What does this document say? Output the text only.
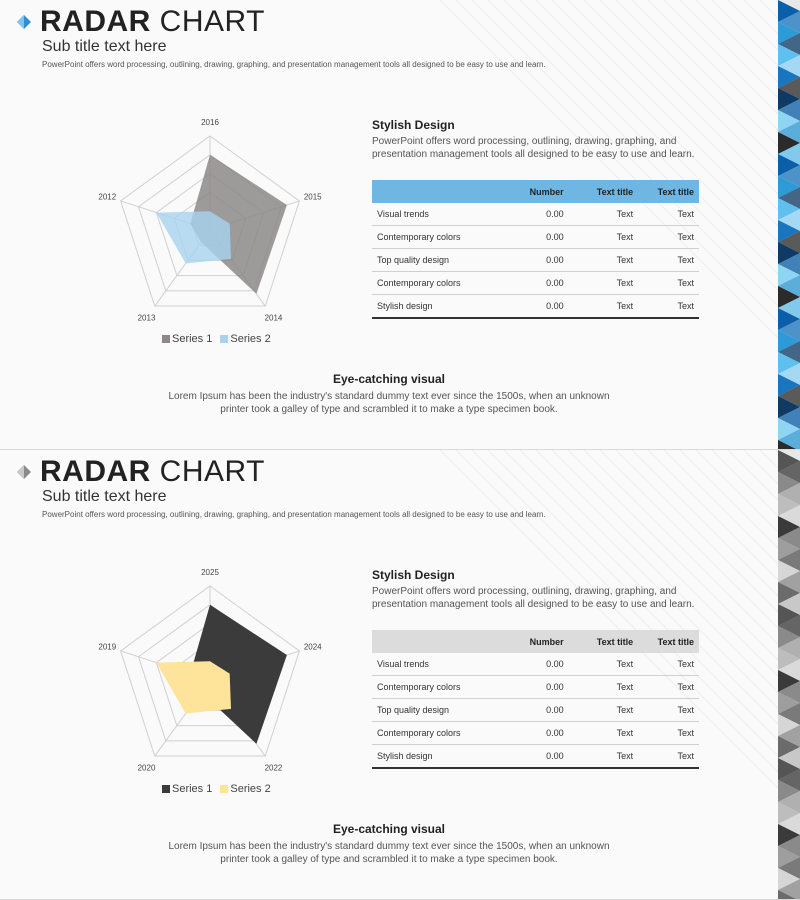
RADAR CHART
Sub title text here
PowerPoint offers word processing, outlining, drawing, graphing, and presentation management tools all designed to be easy to use and learn.
2016
2015
2014
2013
2012
Series 1 Series 2
Stylish Design
PowerPoint offers word processing, outlining, drawing, graphing, and presentation management tools all designed to be easy to use and learn.
	Number	Text title	Text title
Visual trends	0.00	Text	Text
Contemporary colors	0.00	Text	Text
Top quality design	0.00	Text	Text
Contemporary colors	0.00	Text	Text
Stylish design	0.00	Text	Text
Eye-catching visual
Lorem Ipsum has been the industry's standard dummy text ever since the 1500s, when an unknown printer took a galley of type and scrambled it to make a type specimen book.
RADAR CHART
Sub title text here
PowerPoint offers word processing, outlining, drawing, graphing, and presentation management tools all designed to be easy to use and learn.
2025
2024
2022
2020
2019
Series 1 Series 2
Stylish Design
PowerPoint offers word processing, outlining, drawing, graphing, and presentation management tools all designed to be easy to use and learn.
	Number	Text title	Text title
Visual trends	0.00	Text	Text
Contemporary colors	0.00	Text	Text
Top quality design	0.00	Text	Text
Contemporary colors	0.00	Text	Text
Stylish design	0.00	Text	Text
Eye-catching visual
Lorem Ipsum has been the industry's standard dummy text ever since the 1500s, when an unknown printer took a galley of type and scrambled it to make a type specimen book.
